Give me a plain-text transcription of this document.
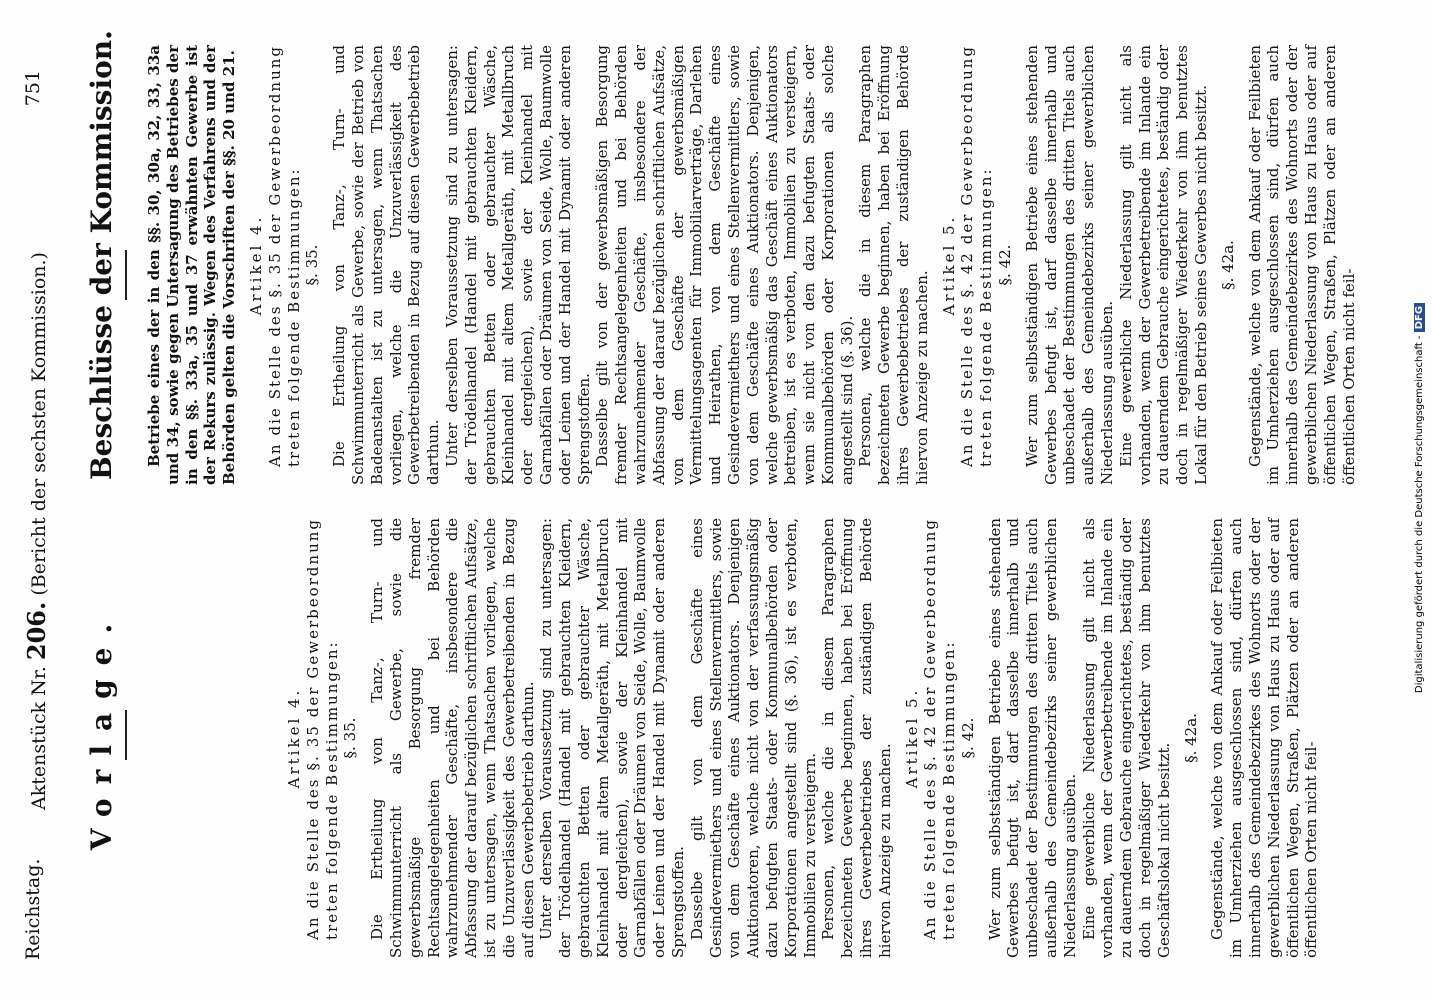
Reichstag.
Aktenstück Nr. 206. (Bericht der sechsten Kommission.)
751
Vorlage.
Beschlüsse der Kommission.

Artikel 4. An die Stelle des §. 35 der Gewerbeordnung treten folgende Bestimmungen: §. 35. Die Ertheilung von Tanz-, Turn- und Schwimmunterricht als Gewerbe, sowie die gewerbsmäßige Besorgung fremder Rechtsangelegenheiten und bei Behörden wahrzunehmender Geschäfte, insbesondere die Abfassung der darauf bezüglichen schriftlichen Aufsätze, ist zu untersagen, wenn Thatsachen vorliegen, welche die Unzuverlässigkeit des Gewerbetreibenden in Bezug auf diesen Gewerbebetrieb darthun. Unter derselben Voraussetzung sind zu untersagen: der Trödelhandel (Handel mit gebrauchten Kleidern, gebrauchten Betten oder gebrauchter Wäsche, Kleinhandel mit altem Metallgeräth, mit Metallbruch oder dergleichen), sowie der Kleinhandel mit Garnabfällen oder Dräumen von Seide, Wolle, Baumwolle oder Leinen und der Handel mit Dynamit oder anderen Sprengstoffen. Dasselbe gilt von dem Geschäfte eines Gesindevermiethers und eines Stellenvermittlers, sowie von dem Geschäfte eines Auktionators. Denjenigen Auktionatoren, welche nicht von der verfassungsmäßig dazu befugten Staats- oder Kommunalbehörden oder Korporationen angestellt sind (§. 36), ist es verboten, Immobilien zu versteigern. Personen, welche die in diesem Paragraphen bezeichneten Gewerbe beginnen, haben bei Eröffnung ihres Gewerbebetriebes der zuständigen Behörde hiervon Anzeige zu machen.

Artikel 5. An die Stelle des §. 42 der Gewerbeordnung treten folgende Bestimmungen: §. 42. Wer zum selbstständigen Betriebe eines stehenden Gewerbes befugt ist, darf dasselbe innerhalb und unbeschadet der Bestimmungen des dritten Titels auch außerhalb des Gemeindebezirks seiner gewerblichen Niederlassung ausüben. Eine gewerbliche Niederlassung gilt nicht als vorhanden, wenn der Gewerbetreibende im Inlande ein zu dauerndem Gebrauche eingerichtetes, beständig oder doch in regelmäßiger Wiederkehr von ihm benutztes Geschäftslokal nicht besitzt.

§. 42a. Gegenstände, welche von dem Ankauf oder Feilbieten im Umherziehen ausgeschlossen sind, dürfen auch innerhalb des Gemeindebezirkes des Wohnorts oder der gewerblichen Niederlassung von Haus zu Haus oder auf öffentlichen Wegen, Straßen, Plätzen oder an anderen öffentlichen Orten nicht feil-

Betriebe eines der in den §§. 30, 30a, 32, 33, 33a und 34, sowie gegen Untersagung des Betriebes der in den §§. 33a, 35 und 37 erwähnten Gewerbe ist der Rekurs zulässig. Wegen des Verfahrens und der Behörden gelten die Vorschriften der §§. 20 und 21. Artikel 4. An die Stelle des §. 35 der Gewerbeordnung treten folgende Bestimmungen: §. 35. Die Ertheilung von Tanz-, Turn- und Schwimmunterricht als Gewerbe, sowie der Betrieb von Badeanstalten ist zu untersagen, wenn Thatsachen vorliegen, welche die Unzuverlässigkeit des Gewerbetreibenden in Bezug auf diesen Gewerbebetrieb darthun. Unter derselben Voraussetzung sind zu untersagen: der Trödelhandel (Handel mit gebrauchten Kleidern, gebrauchten Betten oder gebrauchter Wäsche, Kleinhandel mit altem Metallgeräth, mit Metallbruch oder dergleichen), sowie der Kleinhandel mit Garnabfällen oder Dräumen von Seide, Wolle, Baumwolle oder Leinen und der Handel mit Dynamit oder anderen Sprengstoffen. Dasselbe gilt von der gewerbsmäßigen Besorgung fremder Rechtsangelegenheiten und bei Behörden wahrzunehmender Geschäfte, insbesondere der Abfassung der darauf bezüglichen schriftlichen Aufsätze, von dem Geschäfte der gewerbsmäßigen Vermittelungsagenten für Immobiliarverträge, Darlehen und Heirathen, von dem Geschäfte eines Gesindevermiethers und eines Stellenvermittlers, sowie von dem Geschäfte eines Auktionators. Denjenigen, welche gewerbsmäßig das Geschäft eines Auktionators betreiben, ist es verboten, Immobilien zu versteigern, wenn sie nicht von den dazu befugten Staats- oder Kommunalbehörden oder Korporationen als solche angestellt sind (§. 36). Personen, welche die in diesem Paragraphen bezeichneten Gewerbe beginnen, haben bei Eröffnung ihres Gewerbebetriebes der zuständigen Behörde hiervon Anzeige zu machen.

Artikel 5. An die Stelle des §. 42 der Gewerbeordnung treten folgende Bestimmungen: §. 42. Wer zum selbstständigen Betriebe eines stehenden Gewerbes befugt ist, darf dasselbe innerhalb und unbeschadet der Bestimmungen des dritten Titels auch außerhalb des Gemeindebezirks seiner gewerblichen Niederlassung ausüben. Eine gewerbliche Niederlassung gilt nicht als vorhanden, wenn der Gewerbetreibende im Inlande ein zu dauerndem Gebrauche eingerichtetes, beständig oder doch in regelmäßiger Wiederkehr von ihm benutztes Lokal für den Betrieb seines Gewerbes nicht besitzt. §. 42a. Gegenstände, welche von dem Ankauf oder Feilbieten im Umherziehen ausgeschlossen sind, dürfen auch innerhalb des Gemeindebezirkes des Wohnorts oder der gewerblichen Niederlassung von Haus zu Haus oder auf öffentlichen Wegen, Straßen, Plätzen oder an anderen öffentlichen Orten nicht feil-	Digitalisierung gefördert durch die Deutsche Forschungsgemeinschaft - DFG
